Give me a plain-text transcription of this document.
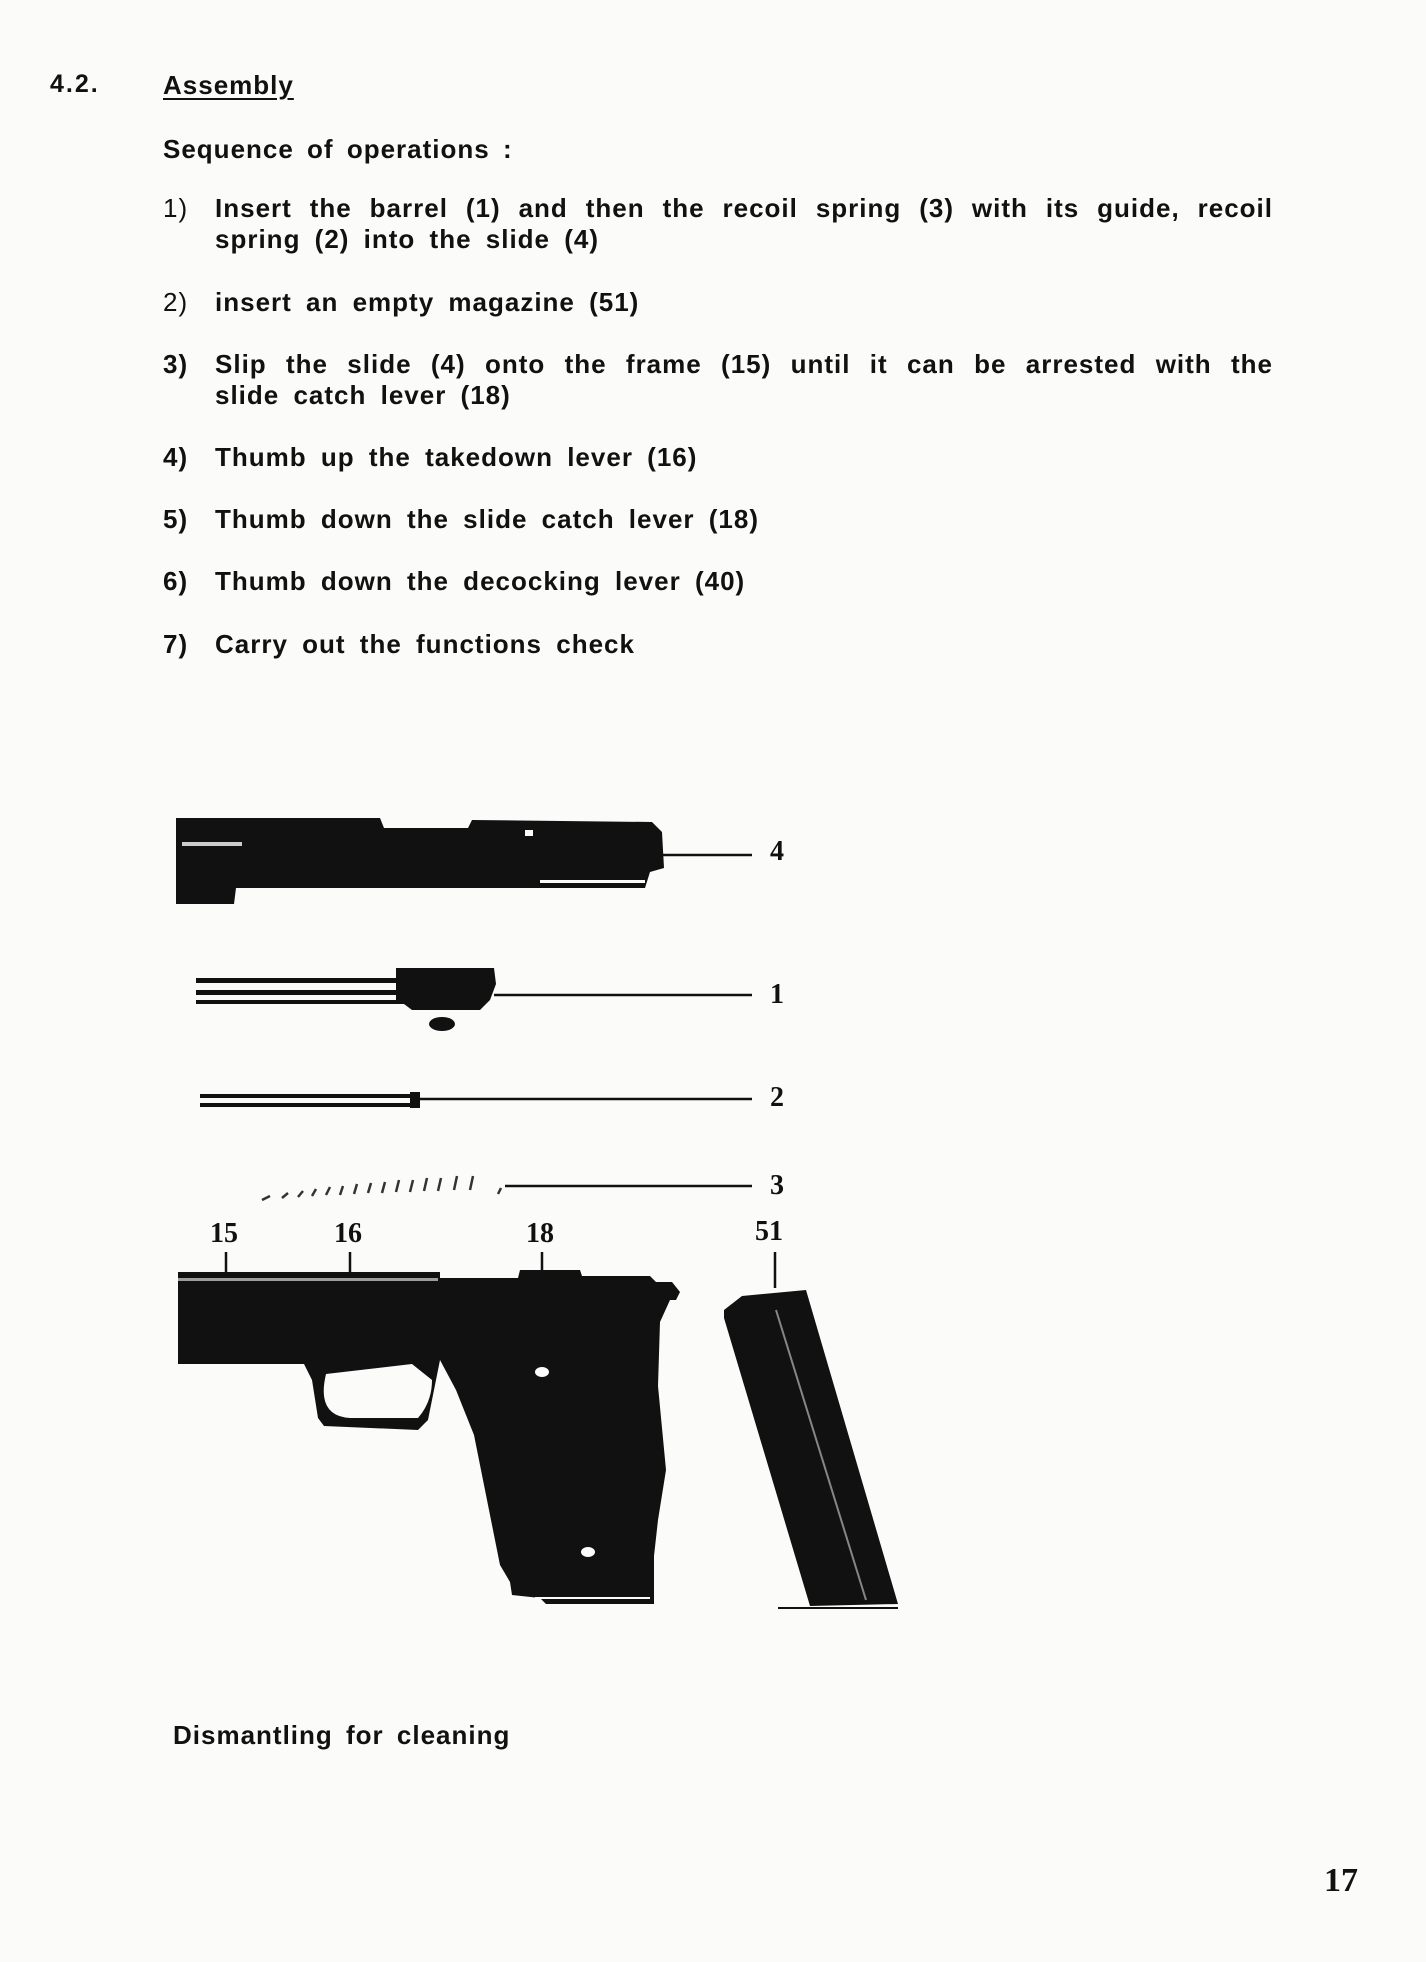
4.2. Assembly
Sequence of operations :
1) Insert the barrel (1) and then the recoil spring (3) with its guide, recoil spring (2) into the slide (4)
2) insert an empty magazine (51)
3) Slip the slide (4) onto the frame (15) until it can be arrested with the slide catch lever (18)
4) Thumb up the takedown lever (16)
5) Thumb down the slide catch lever (18)
6) Thumb down the decocking lever (40)
7) Carry out the functions check
4
1
2
3
15	16	18	51
Dismantling for cleaning
17
